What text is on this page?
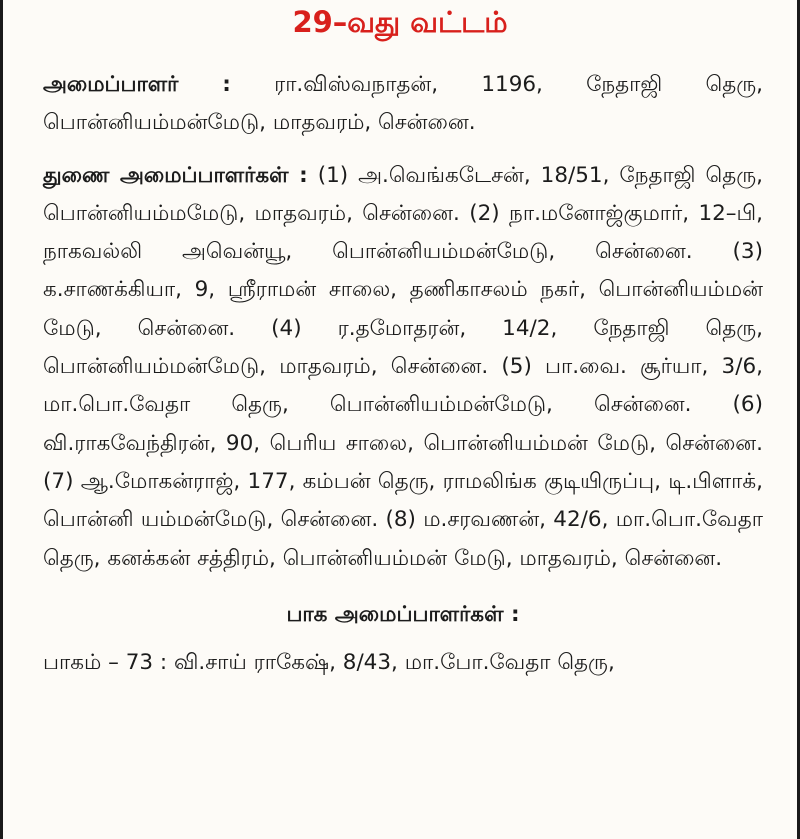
29–வது வட்டம்

அமைப்பாளர் : ரா.விஸ்வநாதன், 1196, நேதாஜி தெரு, பொன்னியம்மன்மேடு, மாதவரம், சென்னை.

துணை அமைப்பாளர்கள் : (1) அ.வெங்கடேசன், 18/51, நேதாஜி தெரு, பொன்னியம்மமேடு, மாதவரம், சென்னை. (2) நா.மனோஜ்குமார், 12–பி, நாகவல்லி அவென்யூ, பொன்னியம்மன்மேடு, சென்னை. (3) க.சாணக்கியா, 9, ஸ்ரீராமன் சாலை, தணிகாசலம் நகர், பொன்னியம்மன் மேடு, சென்னை. (4) ர.தமோதரன், 14/2, நேதாஜி தெரு, பொன்னியம்மன்மேடு, மாதவரம், சென்னை. (5) பா.வை. சூர்யா, 3/6, மா.பொ.வேதா தெரு, பொன்னியம்மன்மேடு, சென்னை. (6) வி.ராகவேந்திரன், 90, பெரிய சாலை, பொன்னியம்மன் மேடு, சென்னை. (7) ஆ.மோகன்ராஜ், 177, கம்பன் தெரு, ராமலிங்க குடியிருப்பு, டி.பிளாக், பொன்னி யம்மன்மேடு, சென்னை. (8) ம.சரவணன், 42/6, மா.பொ.வேதா தெரு, கனக்கன் சத்திரம், பொன்னியம்மன் மேடு, மாதவரம், சென்னை.

பாக அமைப்பாளர்கள் :
பாகம் – 73 : வி.சாய் ராகேஷ், 8/43, மா.போ.வேதா தெரு,
